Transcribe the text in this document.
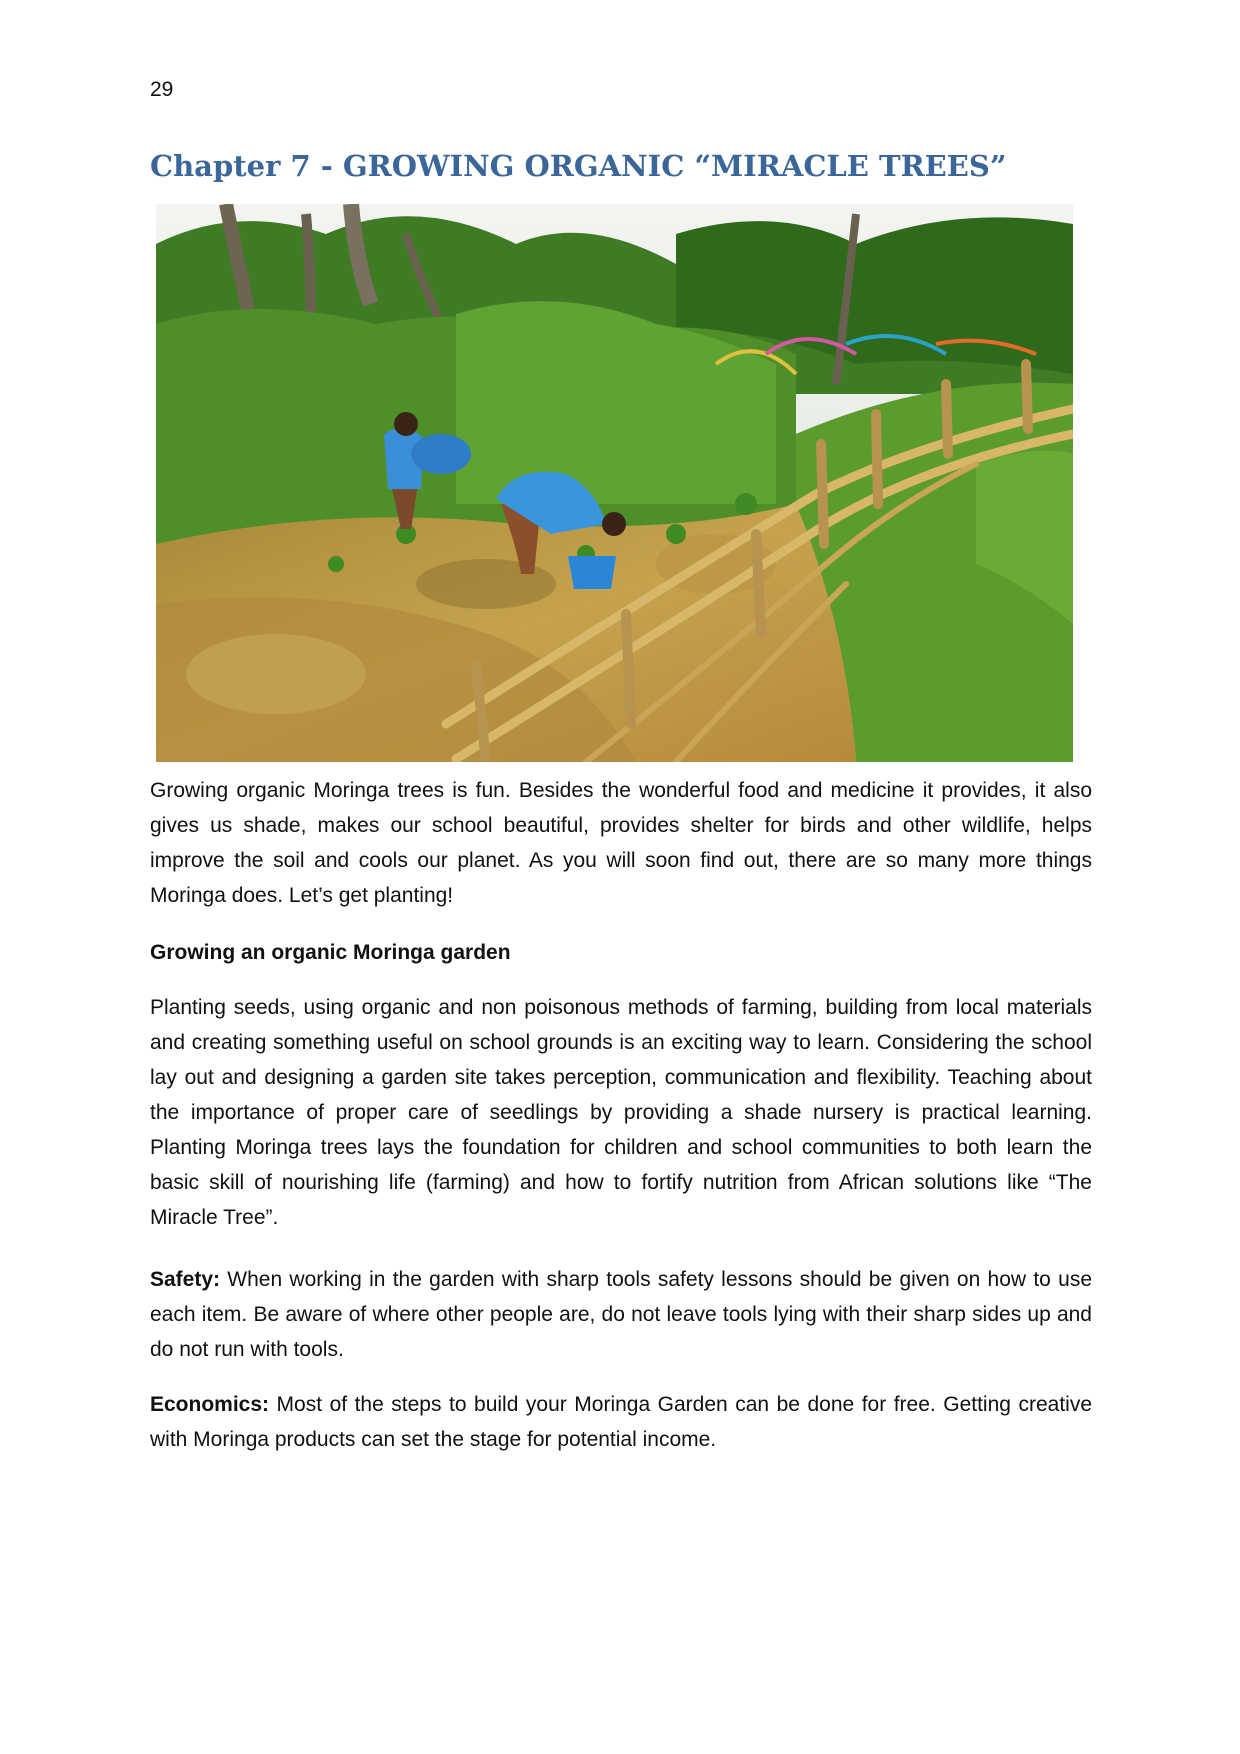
29
Chapter 7 - GROWING ORGANIC “MIRACLE TREES”

Growing organic Moringa trees is fun. Besides the wonderful food and medicine it provides, it also gives us shade, makes our school beautiful, provides shelter for birds and other wildlife, helps improve the soil and cools our planet. As you will soon find out, there are so many more things Moringa does. Let’s get planting!

Growing an organic Moringa garden

Planting seeds, using organic and non poisonous methods of farming, building from local materials and creating something useful on school grounds is an exciting way to learn. Considering the school lay out and designing a garden site takes perception, communication and flexibility. Teaching about the importance of proper care of seedlings by providing a shade nursery is practical learning. Planting Moringa trees lays the foundation for children and school communities to both learn the basic skill of nourishing life (farming) and how to fortify nutrition from African solutions like “The Miracle Tree”.

Safety: When working in the garden with sharp tools safety lessons should be given on how to use each item. Be aware of where other people are, do not leave tools lying with their sharp sides up and do not run with tools.

Economics: Most of the steps to build your Moringa Garden can be done for free. Getting creative with Moringa products can set the stage for potential income.
